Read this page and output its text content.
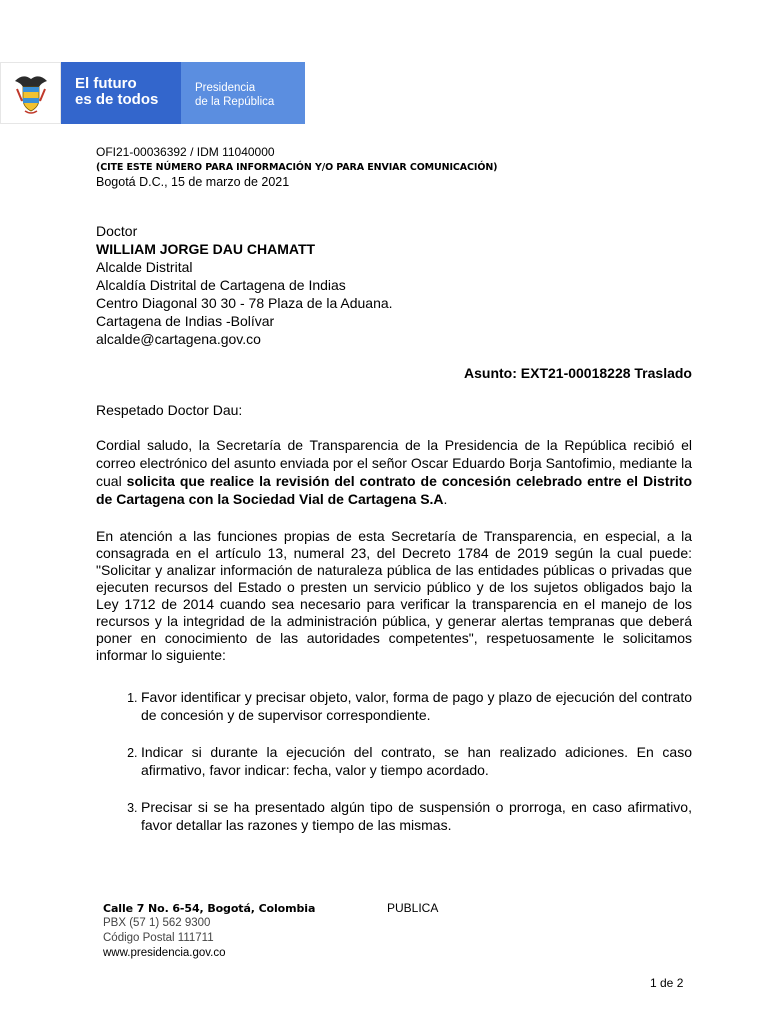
El futuro
es de todos
Presidencia
de la República
OFI21-00036392 / IDM 11040000
(CITE ESTE NÚMERO PARA INFORMACIÓN Y/O PARA ENVIAR COMUNICACIÓN)
Bogotá D.C., 15 de marzo de 2021
Doctor
WILLIAM JORGE DAU CHAMATT
Alcalde Distrital
Alcaldía Distrital de Cartagena de Indias
Centro Diagonal 30 30 - 78 Plaza de la Aduana.
Cartagena de Indias -Bolívar
alcalde@cartagena.gov.co
Asunto: EXT21-00018228 Traslado
Respetado Doctor Dau:
Cordial saludo, la Secretaría de Transparencia de la Presidencia de la República recibió el correo electrónico del asunto enviada por el señor Oscar Eduardo Borja Santofimio, mediante la cual solicita que realice la revisión del contrato de concesión celebrado entre el Distrito de Cartagena con la Sociedad Vial de Cartagena S.A.
En atención a las funciones propias de esta Secretaría de Transparencia, en especial, a la consagrada en el artículo 13, numeral 23, del Decreto 1784 de 2019 según la cual puede: "Solicitar y analizar información de naturaleza pública de las entidades públicas o privadas que ejecuten recursos del Estado o presten un servicio público y de los sujetos obligados bajo la Ley 1712 de 2014 cuando sea necesario para verificar la transparencia en el manejo de los recursos y la integridad de la administración pública, y generar alertas tempranas que deberá poner en conocimiento de las autoridades competentes", respetuosamente le solicitamos informar lo siguiente:
1. Favor identificar y precisar objeto, valor, forma de pago y plazo de ejecución del contrato de concesión y de supervisor correspondiente.
2. Indicar si durante la ejecución del contrato, se han realizado adiciones. En caso afirmativo, favor indicar: fecha, valor y tiempo acordado.
3. Precisar si se ha presentado algún tipo de suspensión o prorroga, en caso afirmativo, favor detallar las razones y tiempo de las mismas.
Calle 7 No. 6-54, Bogotá, Colombia
PBX (57 1) 562 9300
Código Postal 111711
www.presidencia.gov.co
PUBLICA
1 de 2
